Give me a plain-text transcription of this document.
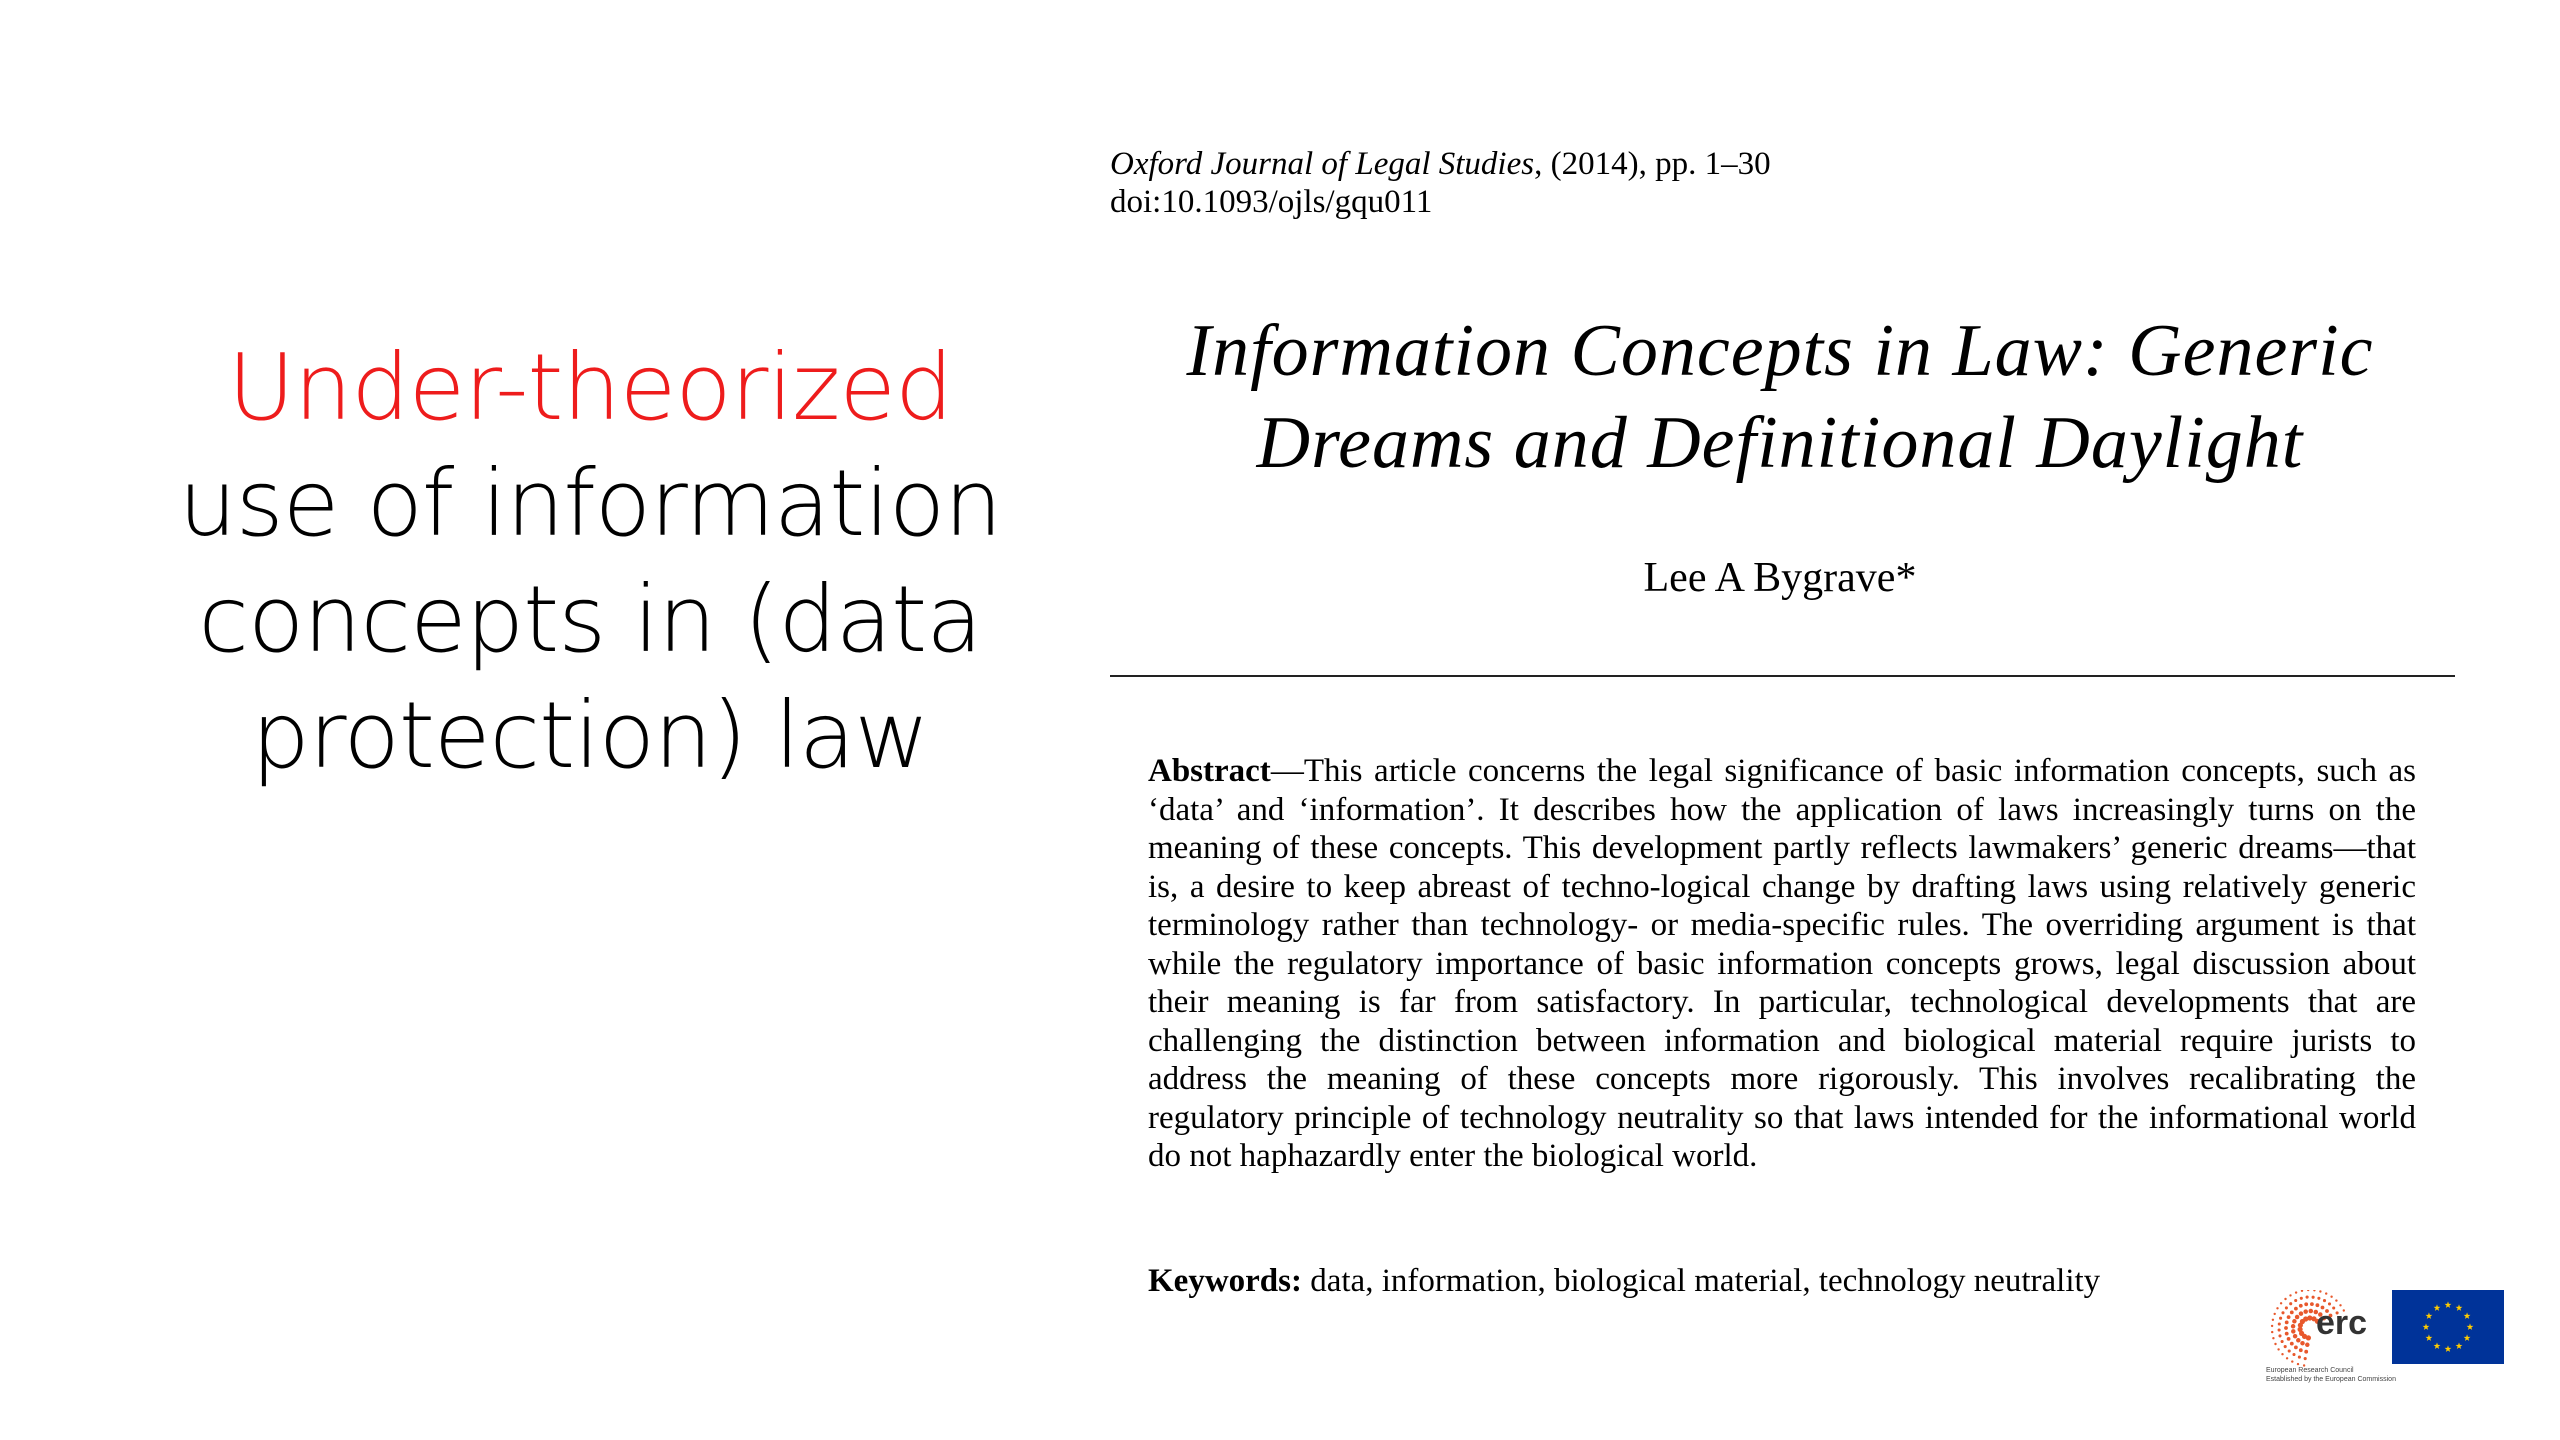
Under-theorized
use of information
concepts in (data
protection) law
Oxford Journal of Legal Studies, (2014), pp. 1–30
doi:10.1093/ojls/gqu011
Information Concepts in Law: Generic
Dreams and Definitional Daylight
Lee A Bygrave*
Abstract—This article concerns the legal significance of basic information concepts, such as ‘data’ and ‘information’. It describes how the application of laws increasingly turns on the meaning of these concepts. This development partly reflects lawmakers’ generic dreams—that is, a desire to keep abreast of techno-logical change by drafting laws using relatively generic terminology rather than technology- or media-specific rules. The overriding argument is that while the regulatory importance of basic information concepts grows, legal discussion about their meaning is far from satisfactory. In particular, technological developments that are challenging the distinction between information and biological material require jurists to address the meaning of these concepts more rigorously. This involves recalibrating the regulatory principle of technology neutrality so that laws intended for the informational world do not haphazardly enter the biological world.
Keywords: data, information, biological material, technology neutrality
erc
European Research Council
Established by the European Commission
